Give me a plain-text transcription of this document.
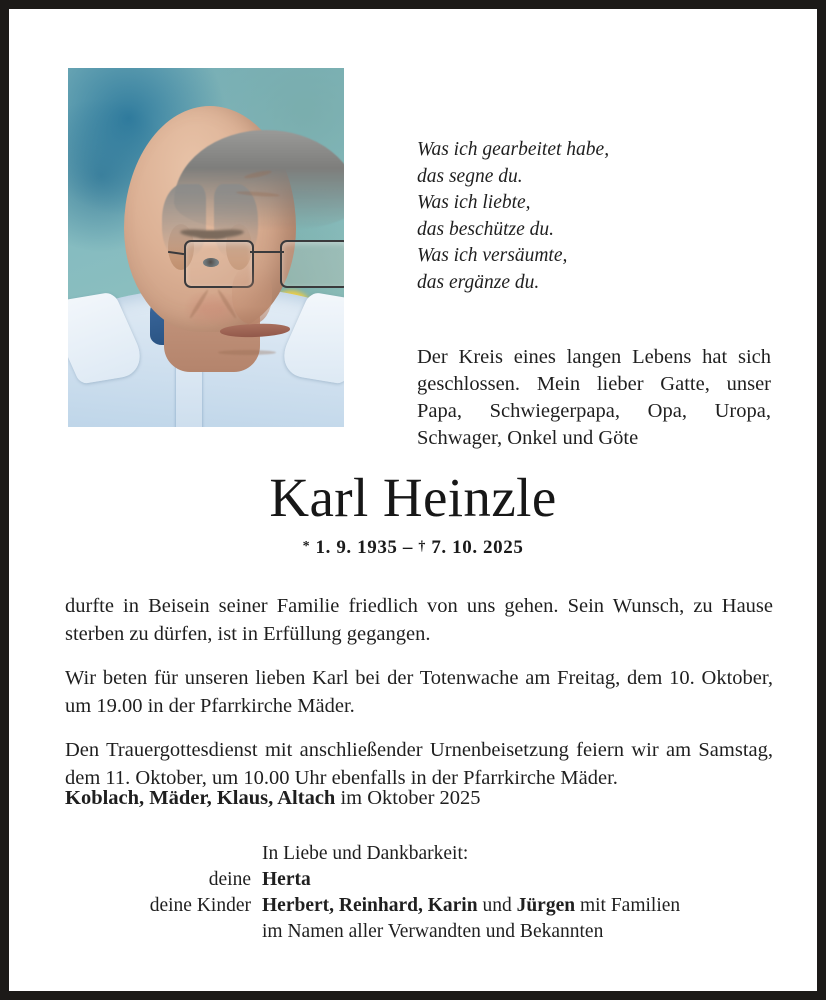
Was ich gearbeitet habe,
das segne du.
Was ich liebte,
das beschütze du.
Was ich versäumte,
das ergänze du.
Der Kreis eines langen Lebens hat sich geschlossen. Mein lieber Gatte, unser Papa, Schwiegerpapa, Opa, Uropa, Schwager, Onkel und Göte
Karl Heinzle
* 1. 9. 1935 – † 7. 10. 2025

durfte in Beisein seiner Familie friedlich von uns gehen. Sein Wunsch, zu Hause sterben zu dürfen, ist in Erfüllung gegangen.

Wir beten für unseren lieben Karl bei der Totenwache am Freitag, dem 10. Oktober, um 19.00 in der Pfarrkirche Mäder.

Den Trauergottesdienst mit anschließender Urnenbeisetzung feiern wir am Samstag, dem 11. Oktober, um 10.00 Uhr ebenfalls in der Pfarrkirche Mäder.

Koblach, Mäder, Klaus, Altach im Oktober 2025
In Liebe und Dankbarkeit:
deine Herta
deine Kinder Herbert, Reinhard, Karin und Jürgen mit Familien
im Namen aller Verwandten und Bekannten
